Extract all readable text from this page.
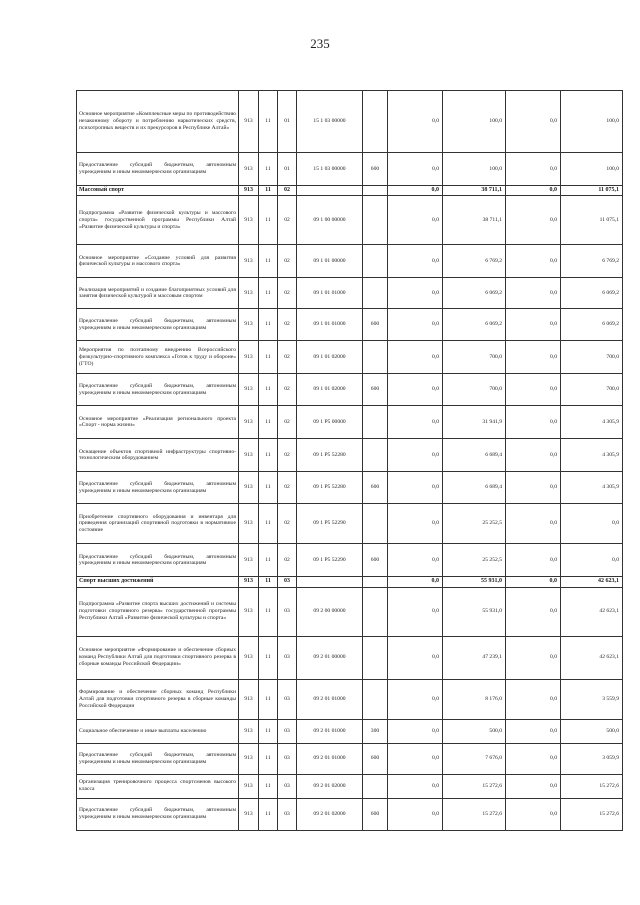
235
Основное мероприятие «Комплексные меры по противодействию незаконному обороту и потреблению наркотических средств, психотропных веществ и их прекурсоров в Республике Алтай»	913	11	01	15 1 03 00000		0,0	100,0	0,0	100,0
Предоставление субсидий бюджетным, автономным учреждениям и иным некоммерческим организациям	913	11	01	15 1 03 00000	600	0,0	100,0	0,0	100,0
Массовый спорт	913	11	02			0,0	38 711,1	0,0	11 075,1
Подпрограмма «Развитие физической культуры и массового спорта» государственной программы Республики Алтай «Развитие физической культуры и спорта»	913	11	02	09 1 00 00000		0,0	38 711,1	0,0	11 075,1
Основное мероприятие «Создание условий для развития физической культуры и массового спорта»	913	11	02	09 1 01 00000		0,0	6 769,2	0,0	6 769,2
Реализация мероприятий и создание благоприятных условий для занятия физической культурой и массовым спортом	913	11	02	09 1 01 01000		0,0	6 069,2	0,0	6 069,2
Предоставление субсидий бюджетным, автономным учреждениям и иным некоммерческим организациям	913	11	02	09 1 01 01000	600	0,0	6 069,2	0,0	6 069,2
Мероприятия по поэтапному внедрению Всероссийского физкультурно-спортивного комплекса «Готов к труду и обороне» (ГТО)	913	11	02	09 1 01 02000		0,0	700,0	0,0	700,0
Предоставление субсидий бюджетным, автономным учреждениям и иным некоммерческим организациям	913	11	02	09 1 01 02000	600	0,0	700,0	0,0	700,0
Основное мероприятие «Реализация регионального проекта «Спорт - норма жизни»	913	11	02	09 1 P5 00000		0,0	31 941,9	0,0	4 305,9
Оснащение объектов спортивной инфраструктуры спортивно-технологическим оборудованием	913	11	02	09 1 P5 52280		0,0	6 689,4	0,0	4 305,9
Предоставление субсидий бюджетным, автономным учреждениям и иным некоммерческим организациям	913	11	02	09 1 P5 52280	600	0,0	6 689,4	0,0	4 305,9
Приобретение спортивного оборудования и инвентаря для приведения организаций спортивной подготовки в нормативное состояние	913	11	02	09 1 P5 52290		0,0	25 252,5	0,0	0,0
Предоставление субсидий бюджетным, автономным учреждениям и иным некоммерческим организациям	913	11	02	09 1 P5 52290	600	0,0	25 252,5	0,0	0,0
Спорт высших достижений	913	11	03			0,0	55 931,0	0,0	42 623,1
Подпрограмма «Развитие спорта высших достижений и системы подготовки спортивного резерва» государственной программы Республики Алтай «Развитие физической культуры и спорта»	913	11	03	09 2 00 00000		0,0	55 931,0	0,0	42 623,1
Основное мероприятие «Формирование и обеспечение сборных команд Республики Алтай для подготовки спортивного резерва в сборные команды Российской Федерации»	913	11	03	09 2 01 00000		0,0	47 239,1	0,0	42 623,1
Формирование и обеспечение сборных команд Республики Алтай для подготовки спортивного резерва в сборные команды Российской Федерации	913	11	03	09 2 01 01000		0,0	8 176,0	0,0	3 559,9
Социальное обеспечение и иные выплаты населению	913	11	03	09 2 01 01000	300	0,0	500,0	0,0	500,0
Предоставление субсидий бюджетным, автономным учреждениям и иным некоммерческим организациям	913	11	03	09 2 01 01000	600	0,0	7 676,0	0,0	3 059,9
Организация тренировочного процесса спортсменов высокого класса	913	11	03	09 2 01 02000		0,0	15 272,6	0,0	15 272,6
Предоставление субсидий бюджетным, автономным учреждениям и иным некоммерческим организациям	913	11	03	09 2 01 02000	600	0,0	15 272,6	0,0	15 272,6
